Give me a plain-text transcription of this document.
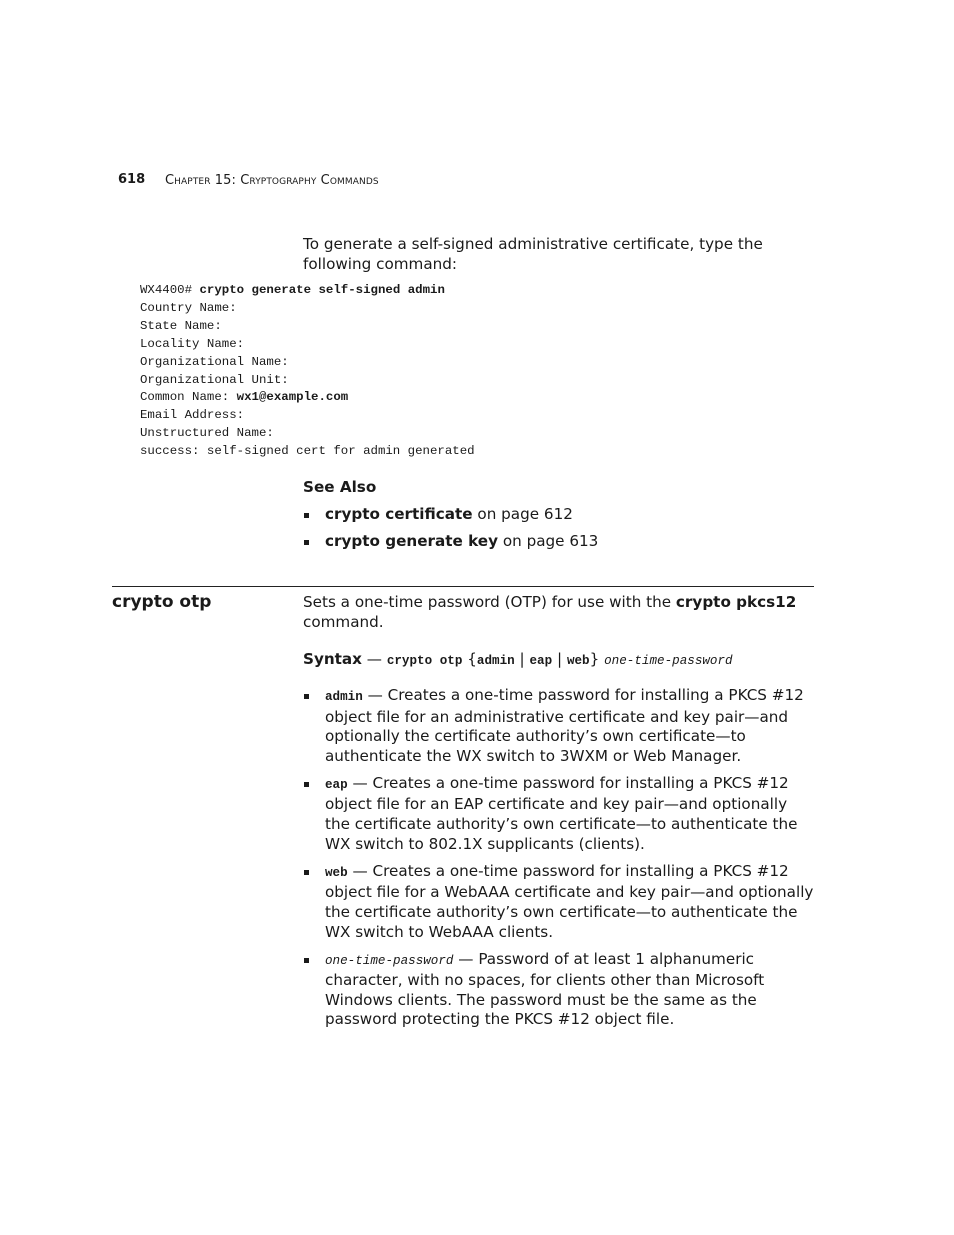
618 Chapter 15: Cryptography Commands
To generate a self-signed administrative certificate, type the following command:
WX4400# crypto generate self-signed admin
Country Name:
State Name:
Locality Name:
Organizational Name:
Organizational Unit:
Common Name: wx1@example.com
Email Address:
Unstructured Name:
success: self-signed cert for admin generated
See Also
crypto certificate on page 612
crypto generate key on page 613
crypto otp	Sets a one-time password (OTP) for use with the crypto pkcs12 command.
Syntax — crypto otp {admin | eap | web} one-time-password
admin — Creates a one-time password for installing a PKCS #12 object file for an administrative certificate and key pair—and optionally the certificate authority’s own certificate—to authenticate the WX switch to 3WXM or Web Manager.
eap — Creates a one-time password for installing a PKCS #12 object file for an EAP certificate and key pair—and optionally the certificate authority’s own certificate—to authenticate the WX switch to 802.1X supplicants (clients).
web — Creates a one-time password for installing a PKCS #12 object file for a WebAAA certificate and key pair—and optionally the certificate authority’s own certificate—to authenticate the WX switch to WebAAA clients.
one-time-password — Password of at least 1 alphanumeric character, with no spaces, for clients other than Microsoft Windows clients. The password must be the same as the password protecting the PKCS #12 object file.
